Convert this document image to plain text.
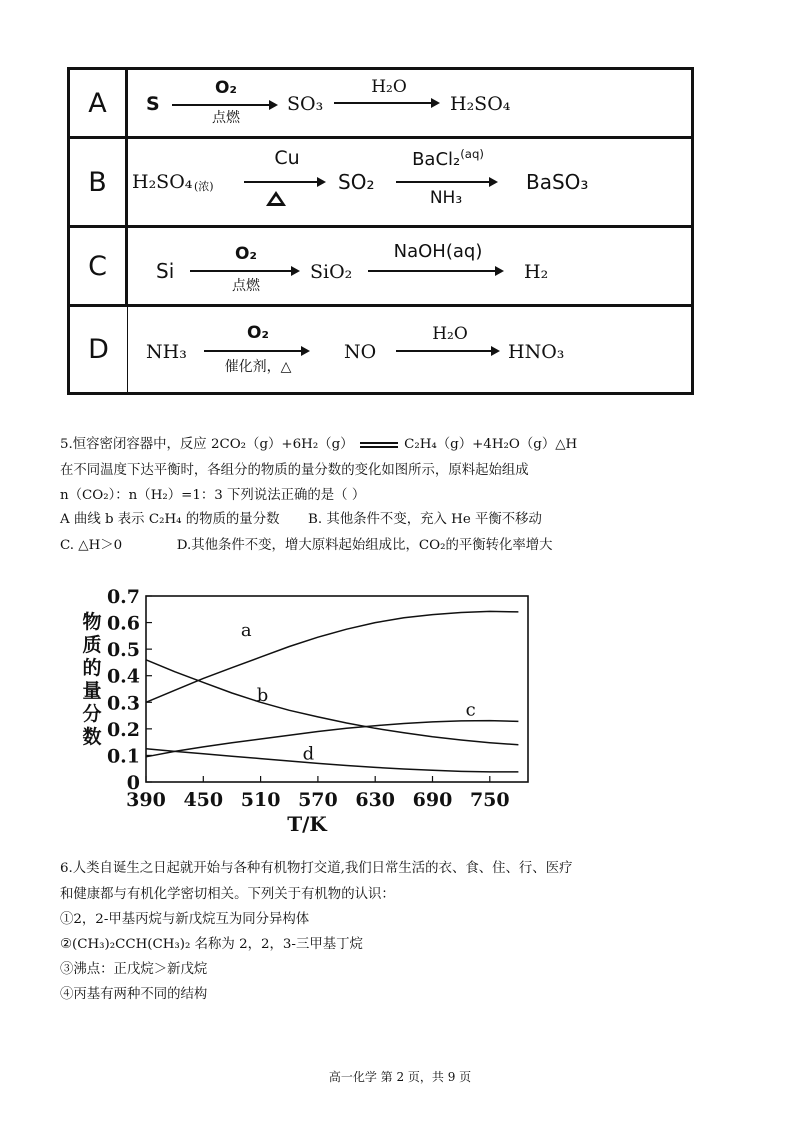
A	S
O₂
点燃
SO₃
H₂O
H₂SO₄
B	H₂SO₄ (浓)
Cu
SO₂
BaCl₂$^{(aq)}$
NH₃
BaSO₃
C	Si
O₂
点燃
SiO₂
NaOH(aq)
H₂
D	NH₃
O₂
催化剂，△
NO
H₂O
HNO₃
5.恒容密闭容器中，反应 2CO₂（g）+6H₂（g）	C₂H₄（g）+4H₂O（g）△H
在不同温度下达平衡时，各组分的物质的量分数的变化如图所示，原料起始组成
n（CO₂）：n（H₂）=1：3 下列说法正确的是（ ）
A 曲线 b 表示 C₂H₄ 的物质的量分数 B. 其他条件不变，充入 He 平衡不移动
C. △H＞0	D.其他条件不变，增大原料起始组成比，CO₂的平衡转化率增大
0
0.1
0.2
0.3
0.4
0.5
0.6
0.7
390 450 510 570 630 690 750
T/K
物
质
的
量
分
数
a
b
c
d
6.人类自诞生之日起就开始与各种有机物打交道,我们日常生活的衣、食、住、行、医疗
和健康都与有机化学密切相关。下列关于有机物的认识：
①2，2-甲基丙烷与新戊烷互为同分异构体
②(CH₃)₂CCH(CH₃)₂ 名称为 2，2，3-三甲基丁烷
③沸点：正戊烷＞新戊烷
④丙基有两种不同的结构
高一化学 第 2 页，共 9 页
